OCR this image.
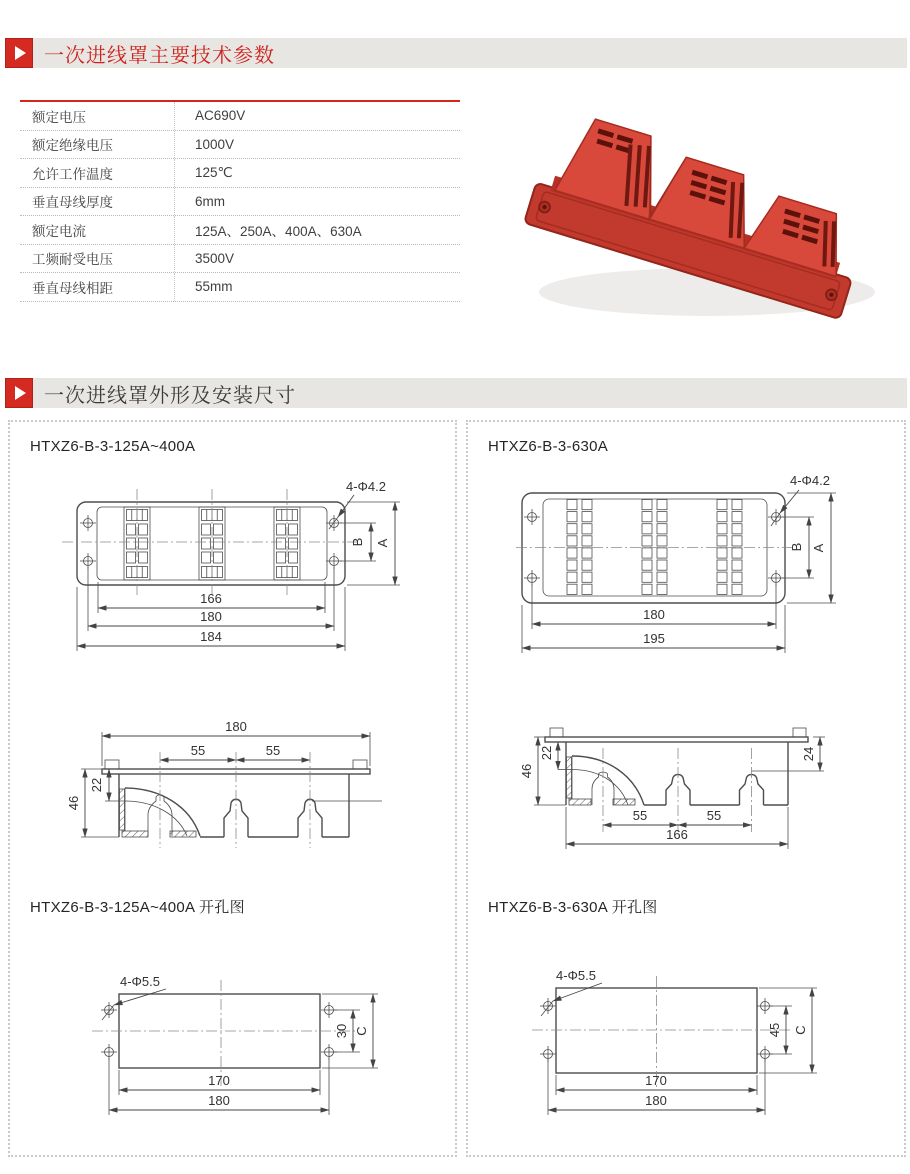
一次进线罩主要技术参数
额定电压	AC690V
额定绝缘电压	1000V
允许工作温度	125℃
垂直母线厚度	6mm
额定电流	125A、250A、400A、630A
工频耐受电压	3500V
垂直母线相距	55mm
一次进线罩外形及安装尺寸
HTXZ6-B-3-125A~400A
4-Φ4.2
166
180
184
B A
180
55	55
46
22
HTXZ6-B-3-125A~400A 开孔图
4-Φ5.5
30 C
170
180
HTXZ6-B-3-630A
4-Φ4.2
180
195
B A
46
22	24
55	55
166
HTXZ6-B-3-630A 开孔图
4-Φ5.5
45 C
170
180
